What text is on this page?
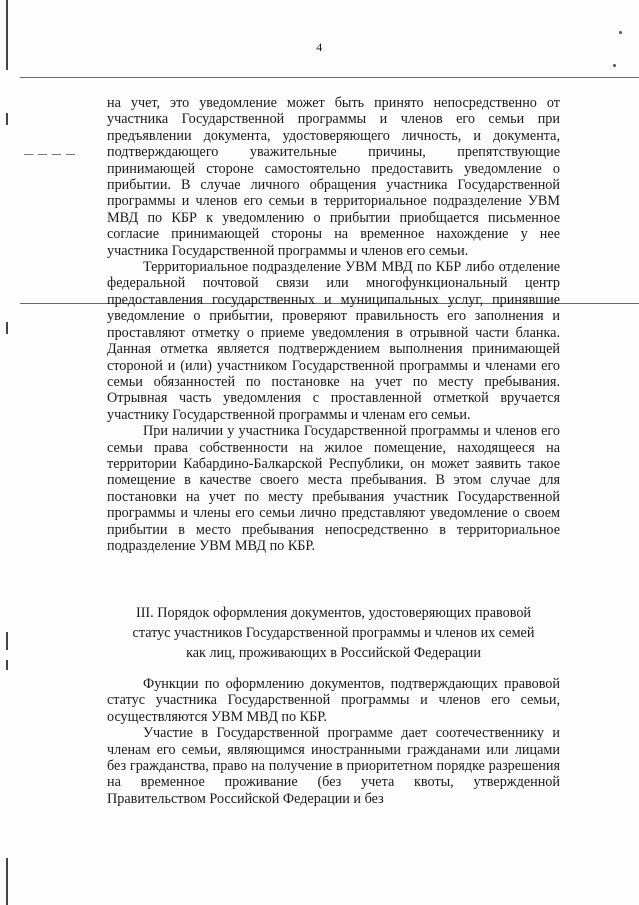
4

на учет, это уведомление может быть принято непосредственно от участника Государственной программы и членов его семьи при предъявлении документа, удостоверяющего личность, и документа, подтверждающего уважительные причины, препятствующие принимающей стороне самостоятельно предоставить уведомление о прибытии. В случае личного обращения участника Государственной программы и членов его семьи в территориальное подразделение УВМ МВД по КБР к уведомлению о прибытии приобщается письменное согласие принимающей стороны на временное нахождение у нее участника Государственной программы и членов его семьи.

Территориальное подразделение УВМ МВД по КБР либо отделение федеральной почтовой связи или многофункциональный центр предоставления государственных и муниципальных услуг, принявшие уведомление о прибытии, проверяют правильность его заполнения и проставляют отметку о приеме уведомления в отрывной части бланка. Данная отметка является подтверждением выполнения принимающей стороной и (или) участником Государственной программы и членами его семьи обязанностей по постановке на учет по месту пребывания. Отрывная часть уведомления с проставленной отметкой вручается участнику Государственной программы и членам его семьи.

При наличии у участника Государственной программы и членов его семьи права собственности на жилое помещение, находящееся на территории Кабардино-Балкарской Республики, он может заявить такое помещение в качестве своего места пребывания. В этом случае для постановки на учет по месту пребывания участник Государственной программы и члены его семьи лично представляют уведомление о своем прибытии в место пребывания непосредственно в территориальное подразделение УВМ МВД по КБР.

III. Порядок оформления документов, удостоверяющих правовой
статус участников Государственной программы и членов их семей
как лиц, проживающих в Российской Федерации

Функции по оформлению документов, подтверждающих правовой статус участника Государственной программы и членов его семьи, осуществляются УВМ МВД по КБР.

Участие в Государственной программе дает соотечественнику и членам его семьи, являющимся иностранными гражданами или лицами без гражданства, право на получение в приоритетном порядке разрешения на временное проживание (без учета квоты, утвержденной Правительством Российской Федерации и без
